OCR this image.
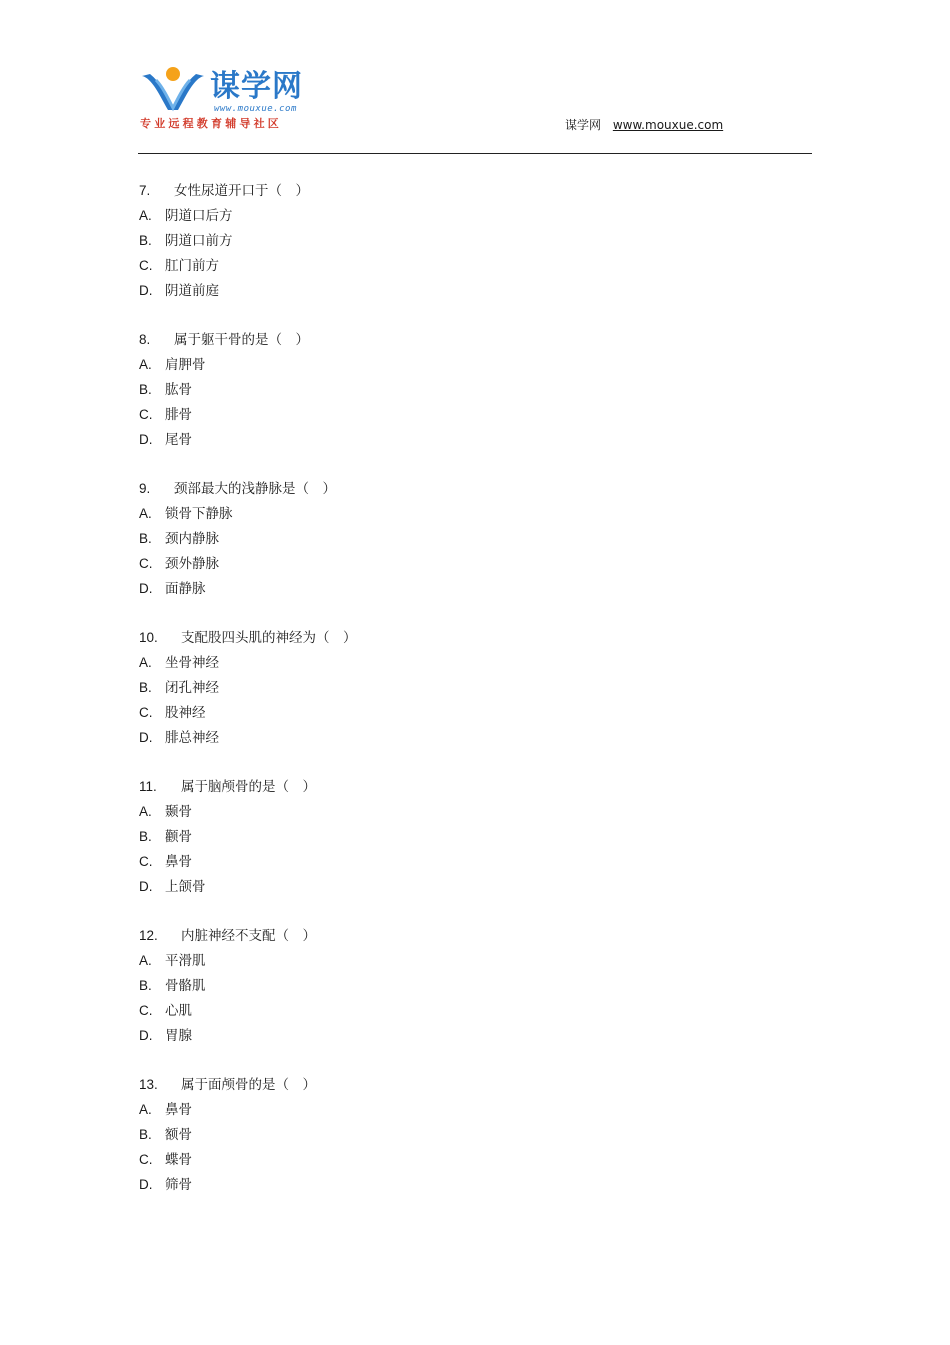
谋学网
www.mouxue.com
专业远程教育辅导社区	谋学网 www.mouxue.com
7. 女性尿道开口于（　）
A. 阴道口后方
B. 阴道口前方
C. 肛门前方
D. 阴道前庭
8. 属于躯干骨的是（　）
A. 肩胛骨
B. 肱骨
C. 腓骨
D. 尾骨
9. 颈部最大的浅静脉是（　）
A. 锁骨下静脉
B. 颈内静脉
C. 颈外静脉
D. 面静脉
10. 支配股四头肌的神经为（　）
A. 坐骨神经
B. 闭孔神经
C. 股神经
D. 腓总神经
11. 属于脑颅骨的是（　）
A. 颞骨
B. 颧骨
C. 鼻骨
D. 上颌骨
12. 内脏神经不支配（　）
A. 平滑肌
B. 骨骼肌
C. 心肌
D. 胃腺
13. 属于面颅骨的是（　）
A. 鼻骨
B. 额骨
C. 蝶骨
D. 筛骨
